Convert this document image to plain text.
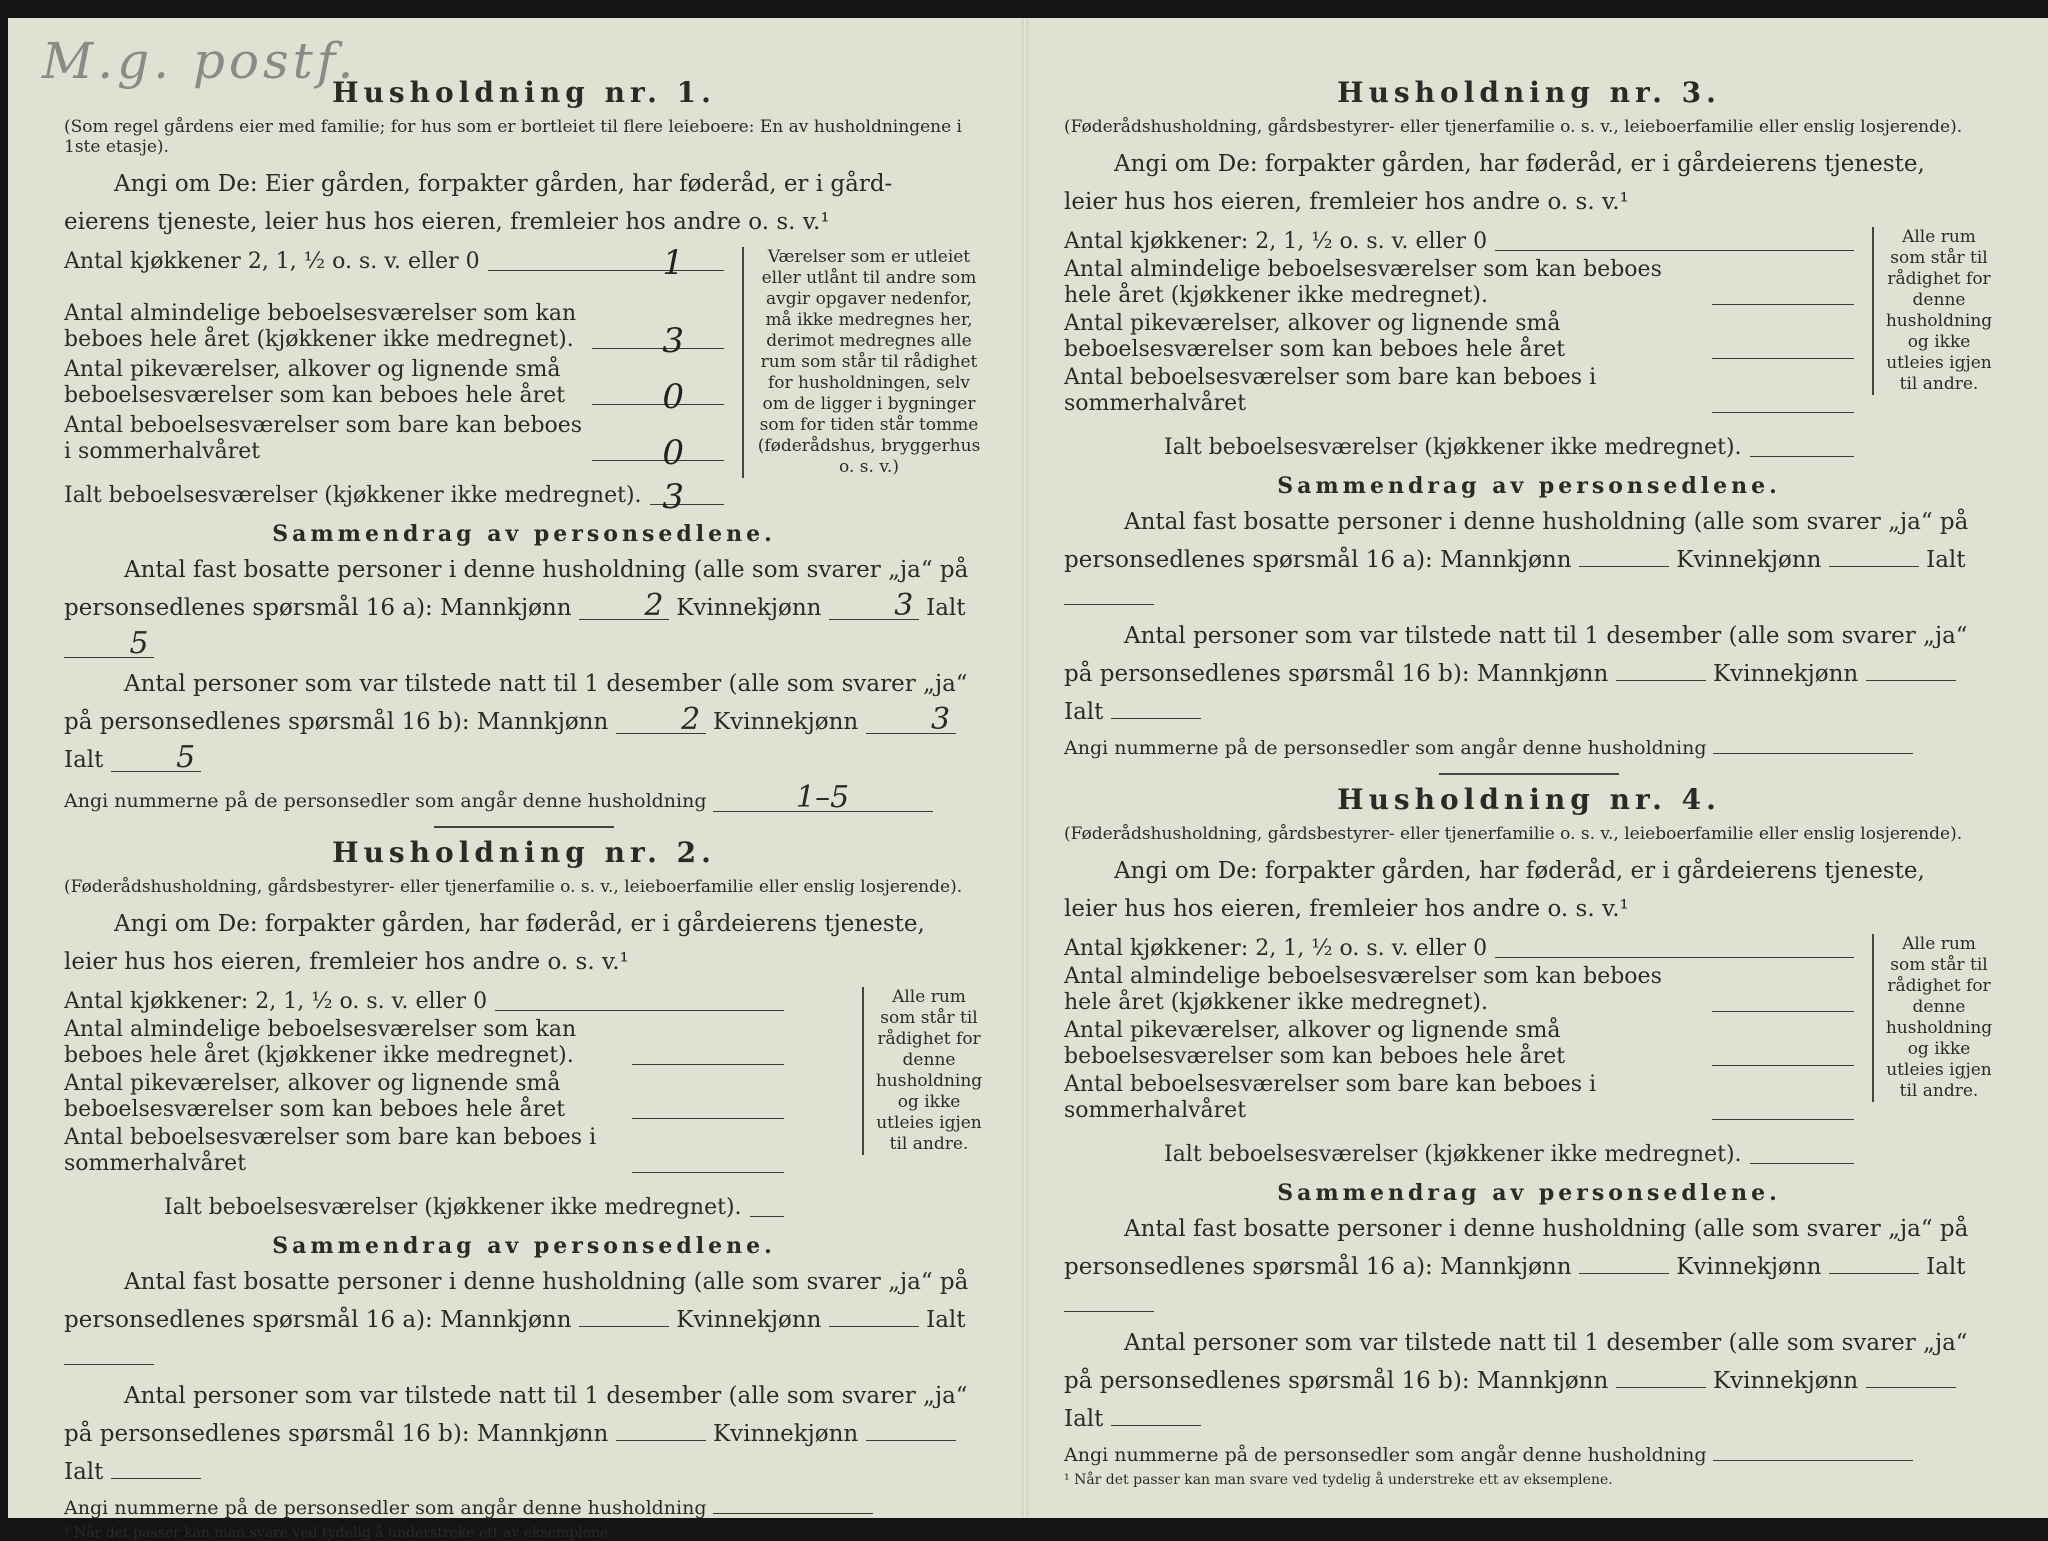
M.g. postf.
Husholdning nr. 1.
(Som regel gårdens eier med familie; for hus som er bortleiet til flere leieboere: En av husholdningene i 1ste etasje).

Angi om De: Eier gården, forpakter gården, har føderåd, er i gård-

eierens tjeneste, leier hus hos eieren, fremleier hos andre o. s. v.¹

Antal kjøkkener 2, 1, ½ o. s. v. eller 0	1
Antal almindelige beboelsesværelser som kan beboes hele året (kjøkkener ikke medregnet).	3
Antal pikeværelser, alkover og lignende små beboelsesværelser som kan beboes hele året	0
Antal beboelsesværelser som bare kan beboes i sommerhalvåret	0
Ialt beboelsesværelser (kjøkkener ikke medregnet). 3
Værelser som er utleiet eller utlånt til andre som avgir opgaver nedenfor, må ikke medregnes her, derimot medregnes alle rum som står til rådighet for husholdningen, selv om de ligger i bygninger som for tiden står tomme (føderådshus, bryggerhus o. s. v.)
Sammendrag av personsedlene.

Antal fast bosatte personer i denne husholdning (alle som svarer „ja“ på personsedlenes spørsmål 16 a): Mannkjønn 2 Kvinnekjønn 3 Ialt 5

Antal personer som var tilstede natt til 1 desember (alle som svarer „ja“ på personsedlenes spørsmål 16 b): Mannkjønn 2 Kvinnekjønn 3 Ialt 5

Angi nummerne på de personsedler som angår denne husholdning	1–5
Husholdning nr. 2.
(Føderådshusholdning, gårdsbestyrer- eller tjenerfamilie o. s. v., leieboerfamilie eller enslig losjerende).

Angi om De: forpakter gården, har føderåd, er i gårdeierens tjeneste,

leier hus hos eieren, fremleier hos andre o. s. v.¹

Antal kjøkkener: 2, 1, ½ o. s. v. eller 0
Antal almindelige beboelsesværelser som kan beboes hele året (kjøkkener ikke medregnet).
Antal pikeværelser, alkover og lignende små beboelsesværelser som kan beboes hele året
Antal beboelsesværelser som bare kan beboes i sommerhalvåret
Ialt beboelsesværelser (kjøkkener ikke medregnet).
Alle rum som står til rådighet for denne husholdning og ikke utleies igjen til andre.
Sammendrag av personsedlene.

Antal fast bosatte personer i denne husholdning (alle som svarer „ja“ på personsedlenes spørsmål 16 a): Mannkjønn	Kvinnekjønn	Ialt

Antal personer som var tilstede natt til 1 desember (alle som svarer „ja“ på personsedlenes spørsmål 16 b): Mannkjønn	Kvinnekjønn  Ialt

Angi nummerne på de personsedler som angår denne husholdning
¹ Når det passer kan man svare ved tydelig å understreke ett av eksemplene.
Husholdning nr. 3.
(Føderådshusholdning, gårdsbestyrer- eller tjenerfamilie o. s. v., leieboerfamilie eller enslig losjerende).

Angi om De: forpakter gården, har føderåd, er i gårdeierens tjeneste,

leier hus hos eieren, fremleier hos andre o. s. v.¹

Antal kjøkkener: 2, 1, ½ o. s. v. eller 0
Antal almindelige beboelsesværelser som kan beboes hele året (kjøkkener ikke medregnet).
Antal pikeværelser, alkover og lignende små beboelsesværelser som kan beboes hele året
Antal beboelsesværelser som bare kan beboes i sommerhalvåret
Ialt beboelsesværelser (kjøkkener ikke medregnet).
Alle rum som står til rådighet for denne husholdning og ikke utleies igjen til andre.
Sammendrag av personsedlene.

Antal fast bosatte personer i denne husholdning (alle som svarer „ja“ på personsedlenes spørsmål 16 a): Mannkjønn	Kvinnekjønn	Ialt

Antal personer som var tilstede natt til 1 desember (alle som svarer „ja“ på personsedlenes spørsmål 16 b): Mannkjønn	Kvinnekjønn  Ialt

Angi nummerne på de personsedler som angår denne husholdning
Husholdning nr. 4.
(Føderådshusholdning, gårdsbestyrer- eller tjenerfamilie o. s. v., leieboerfamilie eller enslig losjerende).

Angi om De: forpakter gården, har føderåd, er i gårdeierens tjeneste,

leier hus hos eieren, fremleier hos andre o. s. v.¹

Antal kjøkkener: 2, 1, ½ o. s. v. eller 0
Antal almindelige beboelsesværelser som kan beboes hele året (kjøkkener ikke medregnet).
Antal pikeværelser, alkover og lignende små beboelsesværelser som kan beboes hele året
Antal beboelsesværelser som bare kan beboes i sommerhalvåret
Ialt beboelsesværelser (kjøkkener ikke medregnet).
Alle rum som står til rådighet for denne husholdning og ikke utleies igjen til andre.
Sammendrag av personsedlene.

Antal fast bosatte personer i denne husholdning (alle som svarer „ja“ på personsedlenes spørsmål 16 a): Mannkjønn	Kvinnekjønn	Ialt

Antal personer som var tilstede natt til 1 desember (alle som svarer „ja“ på personsedlenes spørsmål 16 b): Mannkjønn	Kvinnekjønn  Ialt

Angi nummerne på de personsedler som angår denne husholdning
¹ Når det passer kan man svare ved tydelig å understreke ett av eksemplene.
